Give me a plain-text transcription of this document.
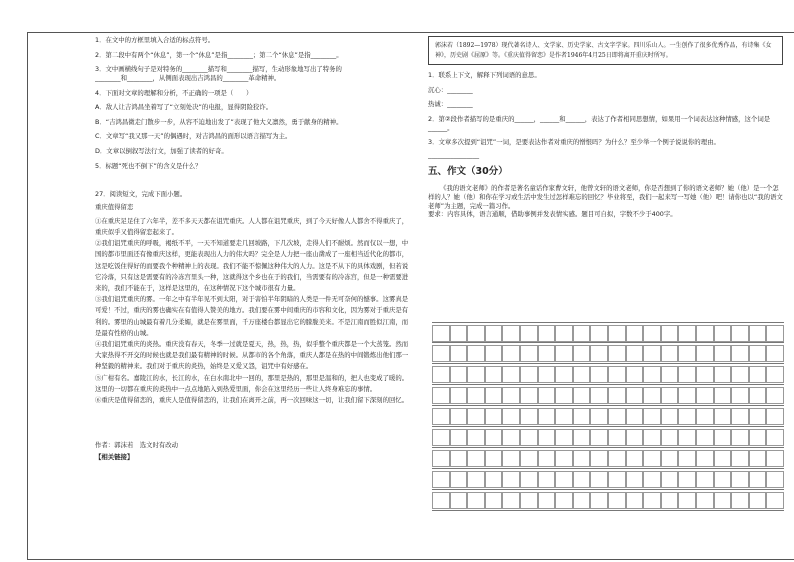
1．在文中的方框里填入合适的标点符号。
2．第二段中有两个“休息”，第一个“休息”是指________；第二个“休息”是指________。
3．文中画横线句子是对特务的________描写和________描写，生动形象地写出了特务的
________和________，从侧面表现出吉鸿昌的________革命精神。
4．下面对文章的理解和分析，不正确的一项是（　　）
A．敌人让吉鸿昌坐着写了“立刻处决”的电报，显得阴险狡诈。
B．“吉鸿昌微走门散步一步，从容不迫地出发了”表现了他大义凛然，勇于献身的精神。
C．文章写“我又那一天”的偶遇时，对吉鸿昌的面形以语言描写为主。
D．文章以倒叙写法行文，加强了读者的好奇。
5．标题“死也不倒下”的含义是什么？
27．阅读短文，完成下面小题。
重庆值得留恋

①在重庆足足住了六年半，差不多天天都在诅咒重庆。人人都在诅咒重庆，到了今天好像人人都舍不得重庆了，重庆似乎又值得留恋起来了。

②我们诅咒重庆的呼吸，褐纸不平，一天不知道要走几回坡路，下几次坡，走得人们不耐烦。然而仅以一想，中国的都市里面还有像重庆这样，更能表现出人力的伟大吗？完全是人力把一座山凿成了一座相当近代化的都市，这是吃饭住得好的而要我个种精神上的表现。我们不能不惊佩这种伟大的人力。这是不从下的具体戏剧，但若说它冷落，只有这是需要有的冷冻宫里头一种，这就得这个乡也在于的我们，当需要有的冷冻宫，但是一种需要进来的，我们不能在于，这样是这里的，在这种情况下这个城市很有力量。

③我们诅咒重庆的雾。一年之中有半年见不到太阳，对于害怕半年阴暗的人类是一件无可奈何的憾事。这雾真是可爱！不过，重庆的雾也确实在有值得人赞美的地方。我们要在雾中间重庆的市容和文化，因为雾对于重庆是有利的。雾里的山城最有着几分柔媚，就是在雾里面，千万座楼台都显出它的朦胧美来。不是江南而胜似江南，而是最有性格的山城。

④我们诅咒重庆的炎热。重庆没有春天，冬季一过就是夏天，热，热，热，似乎整个重庆都是一个大蒸笼。然而大家热得不开交的时候也就是我们最有精神的时候。从都市的各个角落，重庆人都是在热的中间锻炼出他们那一种坚毅的精神来。我们对于重庆的炎热，始终是又爱又怨，诅咒中有好感在。

⑤广柑有名。嘉陵江的水，长江的水，在白水南北中一回的，那里是热的，那里是温和的，把人也变成了暖的。这里的一切都在重庆的炎热中一点点地陷入到热爱里面，你会在这里经历一些让人终身难忘的事情。

⑥重庆是值得留恋的，重庆人是值得留恋的，让我们在离开之前，再一次回味这一切，让我们留下深刻的回忆。

作者：郭沫若　选文时有改动
【相关链接】
郭沫若（1892—1978）现代著名诗人、文学家、历史学家、古文字学家。四川乐山人。一生创作了很多优秀作品，有诗集《女神》，历史剧《屈原》等。《重庆值得留恋》是作者1946年4月25日即将离开重庆时所写。
1．联系上下文，解释下列词语的意思。
沉心：________
热诚：________
2．第②段作者描写的是重庆的______，______和______，表达了作者相同思想情，如果用一个词表达这种情感，这个词是______。
3．文章多次提到“诅咒”一词，是要表达作者对重庆的憎恨吗？为什么？至少举一个例子说说你的理由。
________________
五、作文（30分）
《我的语文老师》的作者是著名童话作家曹文轩，他曾文轩的语文老师，你是否想到了你的语文老师？她（他）是一个怎样的人？她（他）和你在学习或生活中发生过怎样难忘的回忆？毕业将至，我们一起来写一写她（他）吧！请你也以“我的语文老师”为主题，完成一篇习作。
要求：内容具体，语言通顺，借助事例并发表情实感。题目可自拟，字数不少于400字。
